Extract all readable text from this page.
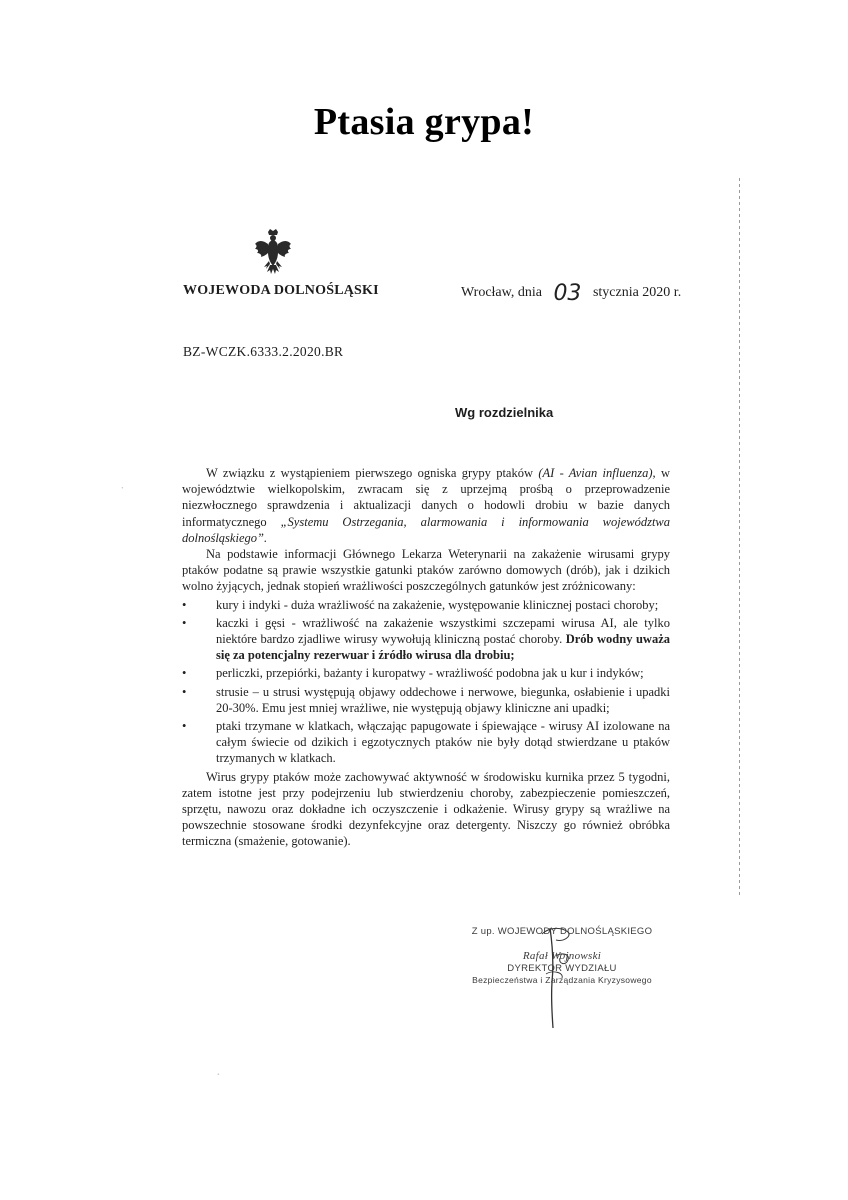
Ptasia grypa!
˙
·
WOJEWODA DOLNOŚLĄSKI	Wrocław, dnia 03 stycznia 2020 r.
BZ-WCZK.6333.2.2020.BR
Wg rozdzielnika

W związku z wystąpieniem pierwszego ogniska grypy ptaków (AI - Avian influenza), w województwie wielkopolskim, zwracam się z uprzejmą prośbą o przeprowadzenie niezwłocznego sprawdzenia i aktualizacji danych o hodowli drobiu w bazie danych informatycznego „Systemu Ostrzegania, alarmowania i informowania województwa dolnośląskiego”.

Na podstawie informacji Głównego Lekarza Weterynarii na zakażenie wirusami grypy ptaków podatne są prawie wszystkie gatunki ptaków zarówno domowych (drób), jak i dzikich wolno żyjących, jednak stopień wrażliwości poszczególnych gatunków jest zróżnicowany:

• kury i indyki - duża wrażliwość na zakażenie, występowanie klinicznej postaci choroby;
• kaczki i gęsi - wrażliwość na zakażenie wszystkimi szczepami wirusa AI, ale tylko niektóre bardzo zjadliwe wirusy wywołują kliniczną postać choroby. Drób wodny uważa się za potencjalny rezerwuar i źródło wirusa dla drobiu;
• perliczki, przepiórki, bażanty i kuropatwy - wrażliwość podobna jak u kur i indyków;
• strusie – u strusi występują objawy oddechowe i nerwowe, biegunka, osłabienie i upadki 20-30%. Emu jest mniej wrażliwe, nie występują objawy kliniczne ani upadki;
• ptaki trzymane w klatkach, włączając papugowate i śpiewające - wirusy AI izolowane na całym świecie od dzikich i egzotycznych ptaków nie były dotąd stwierdzane u ptaków trzymanych w klatkach.

Wirus grypy ptaków może zachowywać aktywność w środowisku kurnika przez 5 tygodni, zatem istotne jest przy podejrzeniu lub stwierdzeniu choroby, zabezpieczenie pomieszczeń, sprzętu, nawozu oraz dokładne ich oczyszczenie i odkażenie. Wirusy grypy są wrażliwe na powszechnie stosowane środki dezynfekcyjne oraz detergenty. Niszczy go również obróbka termiczna (smażenie, gotowanie).

Z up. WOJEWODY DOLNOŚLĄSKIEGO
Rafał Wojnowski
DYREKTOR WYDZIAŁU
Bezpieczeństwa i Zarządzania Kryzysowego
